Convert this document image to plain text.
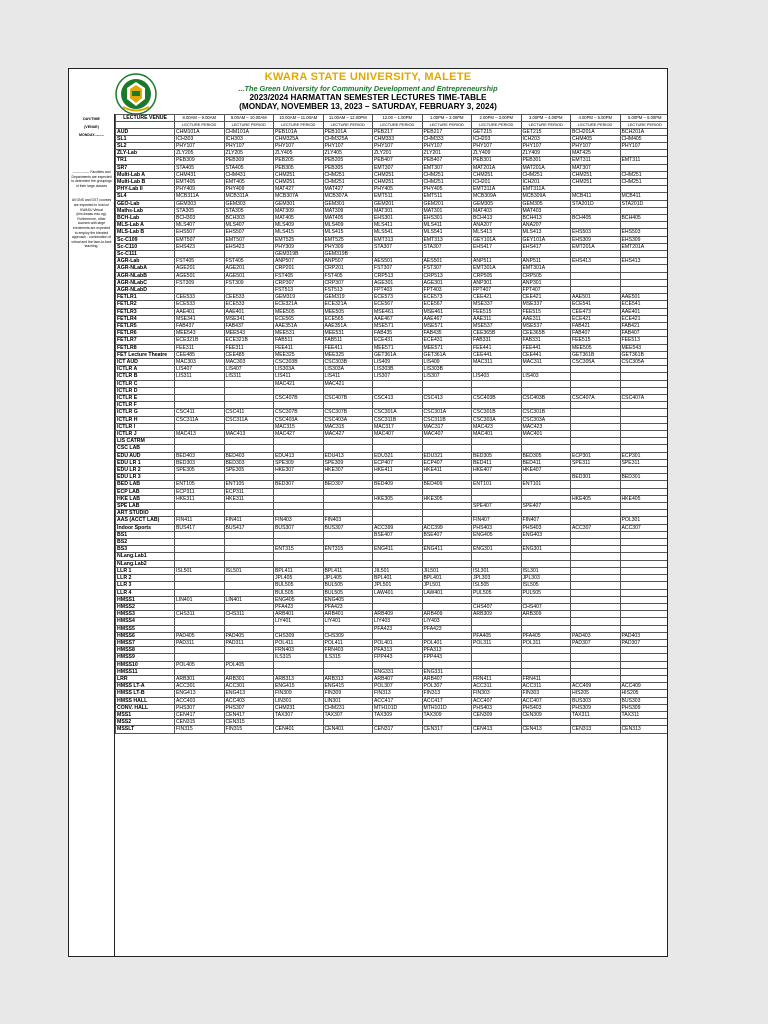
KWARA STATE UNIVERSITY, MALETE
...The Green University for Community Development and Entrepreneurship
2023/2024 HARMATTAN SEMESTER LECTURES TIME-TABLE
(MONDAY, NOVEMBER 13, 2023 – SATURDAY, FEBRUARY 3, 2024)
DAY/TIME
(VENUE)
MONDAY--------
--------------- Faculties and Departments are expected to determine the groupings of their large classes
All GNS and GST courses are expected to hold on KWASU Virtual (lms.kwasu.edu.ng). Furthermore, other courses with large enrolments are expected to employ the blended approach - combination of virtual and the face-to-face teaching.
LECTURE VENUE	8.00AM – 9.00AM	9.00AM – 10.00AM	10.00AM – 11.00AM	11.00AM – 12.00PM	12.00 – 1.00PM	1.00PM – 2.00PM	2.00PM – 3.00PM	3.00PM – 4.00PM	4.00PM – 5.00PM	5.00PM – 6.00PM
	LECTURE PERIOD	LECTURE PERIOD	LECTURE PERIOD	LECTURE PERIOD	LECTURE PERIOD	LECTURE PERIOD	LECTURE PERIOD	LECTURE PERIOD	LECTURE PERIOD	LECTURE PERIOD
AUD	CHM101A	CHM101A	PEB101A	PEB101A	PEB217	PEB217	GET215	GET215	BCH201A	BCH201A
SL1	ICH303	ICH303	CHM325A	CHM325A	CHM333	CHM333	ICH203	ICH203	CHM405	CHM405
SL2	PHY107	PHY107	PHY107	PHY107	PHY107	PHY107	PHY107	PHY107	PHY107	PHY107
ZLY-Lab	ZLY205	ZLY205	ZLY405	ZLY405	ZLY201	ZLY201	ZLY409	ZLY409	MAT425	
TR1	PEB309	PEB309	PEB205	PEB205	PEB407	PEB407	PEB301	PEB301	EMT311	EMT311
SR7	STA405	STA405	PEB305	PEB305	EMT307	EMT307	MAT201A	MAT201A	MAT307	
Multi-Lab A	CHM431	CHM431	CHM251	CHM251	CHM251	CHM251	CHM251	CHM251	CHM251	CHM251
Multi-Lab B	EMT405	EMT405	CHM251	CHM251	CHM251	CHM251	ICH201	ICH201	CHM251	CHM251
PHY-Lab II	PHY409	PHY409	MAT427	MAT427	PHY405	PHY405	EMT311A	EMT311A		
SL4	MCB311A	MCB311A	MCB307A	MCB307A	EMT511	EMT511	MCB309A	MCB309A	MCB411	MCB411
GEO-Lab	GEM303	GEM303	GEM301	GEM301	GEM201	GEM201	GEM305	GEM305	STA201D	STA201D
Maths-Lab	STA305	STA305	MAT309	MAT309	MAT301	MAT301	MAT403	MAT403		
BCH-Lab	BCH303	BCH303	MAT405	MAT405	EHS301	EHS301	BCH413	BCH413	BCH405	BCH405
MLS-Lab A	MLS407	MLS407	MLS409	MLS409	MLS411	MLS411	ANA207	ANA207		
MLS-Lab B	EHS507	EHS507	MLS415	MLS415	MLS541	MLS541	MLS413	MLS413	EHS503	EHS503
Sc-C109	EMT507	EMT507	EMT525	EMT525	EMT313	EMT313	GEY101A	GEY101A	EHS309	EHS309
Sc-C110	EHS423	EHS423	PHY309	PHY309	STA307	STA307	EHS417	EHS417	EMT201A	EMT201A
Sc-C111			GEM319B	GEM319B						
AGR-Lab	FST405	FST405	ANP507	ANP507	AES501	AES501	ANP511	ANP511	EHS413	EHS413
AGR-NLabA	AGE201	AGE201	CRP201	CRP201	FST307	FST307	EMT301A	EMT301A		
AGR-NLabB	AGE501	AGE501	FST405	FST405	CRP513	CRP513	CRP505	CRP505		
AGR-NLabC	FST309	FST309	CRP307	CRP307	AGE301	AGE301	ANP301	ANP301		
AGR-NLabD			FST513	FST513	FPT403	FPT403	FPT407	FPT407		
FETLR1	CEE533	CEE533	GEM319	GEM319	ECE573	ECE573	CEE421	CEE421	AAE501	AAE501
FETLR2	ECE533	ECE533	ECE321A	ECE321A	ECE567	ECE567	MSE337	MSE337	ECE541	ECE541
FETLR3	AAE401	AAE401	MEE505	MEE505	MSE461	MSE461	FEE515	FEE515	CEE473	AAE401
FETLR4	MSE341	MSE341	ECE565	ECE565	AAE467	AAE467	AAE311	AAE311	ECE421	ECE421
FETLR5	FAB437	FAB437	AAE351A	AAE351A	MSE571	MSE571	MSE537	MSE537	FAB421	FAB421
FETLR6	MEE543	MEE543	MEE531	MEE531	FAB435	FAB435	CEE365B	CEE365B	FAB407	FAB407
FETLR7	ECE321B	ECE321B	FAB511	FAB511	ECE431	ECE431	FAB331	FAB331	FEE515	FEE513
FETLR8	FEE311	FEE311	FEE411	FEE411	MEE571	MEE571	FEE441	FEE441	MEE505	MEE543
FET Lecture Theatre	CEE485	CEE485	MEE325	MEE325	GET361A	GET361A	CEE441	CEE441	GET361B	GET361B
ICT AUD	MAC303	MAC303	CSC303B	CSC303B	LIS409	LIS409	MAC311	MAC311	CSC305A	CSC305A
ICTLR A	LIS407	LIS407	LIS303A	LIS303A	LIS303B	LIS303B				
ICTLR B	LIS311	LIS311	LIS411	LIS411	LIS307	LIS307	LIS403	LIS403		
ICTLR C			MAC421	MAC421						
ICTLR D										
ICTLR E			CSC407B	CSC407B	CSC413	CSC413	CSC403B	CSC403B	CSC407A	CSC407A
ICTLR F										
ICTLR G	CSC411	CSC411	CSC307B	CSC307B	CSC301A	CSC301A	CSC301B	CSC301B		
ICTLR H	CSC311A	CSC311A	CSC403A	CSC403A	CSC311B	CSC311B	CSC303A	CSC303A		
ICTLR I			MAC315	MAC315	MAC317	MAC317	MAC423	MAC423		
ICTLR J	MAC413	MAC413	MAC427	MAC427	MAC407	MAC407	MAC401	MAC401		
LIS CATRM										
CSC LAB										
EDU AUD	BED403	BED403	EDU413	EDU413	EDU321	EDU321	BED305	BED305	ECP301	ECP301
EDU LR 1	BED303	BED303	SPE309	SPE309	ECP407	ECP407	BED411	BED411	SPE311	SPE311
EDU LR 2	SPE305	SPE305	HKE307	HKE307	HKE411	HKE411	HKE407	HKE407		
EDU LR 3									BED301	BED301
BED LAB	ENT105	ENT105	BED307	BED307	BED409	BED409	ENT101	ENT101		
ECP LAB	ECP311	ECP311								
HKE LAB	HKE311	HKE311			HKE305	HKE305			HKE405	HKE405
SPE LAB							SPE407	SPE407		
ART STUDIO										
AAS (ACCT LAB)	FIN411	FIN411	FIN403	FIN403			FIN407	FIN407		POL301
Indoor Sports	BUS417	BUS417	BUS307	BUS307	ACC399	ACC399	PHS403	PHS403	ACC307	ACC307
BS1					BSE407	BSE407	ENG405	ENG403		
BS2										
BS3			ENT315	ENT315	ENG411	ENG411	ENG301	ENG301		
NLang.Lab1										
NLang.Lab2										
LLR 1	ISL501	ISL501	BPL411	BPL411	JIL501	JIL501	ISL301	ISL301		
LLR 2			JPL405	JPL405	BPL401	BPL401	JPL303	JPL303		
LLR 3			BUL505	BUL505	JPL501	JPL501	ISL505	ISL505		
LLR 4			BUL505	BUL505	LAW401	LAW401	PUL505	PUL505		
HMSS1	LIN401	LIN401	ENG405	ENG405						
HMSS2			PFA423	PFA423			CHS407	CHS407		
HMSS3	CHS311	CHS311	ARB401	ARB401	ARB409	ARB409	ARB309	ARB309		
HMSS4			LIY401	LIY401	LIY403	LIY403				
HMSS5					PFA423	PFA423				
HMSS6	PAD405	PAD405	CHS309	CHS309			PFA405	PFA405	PAD403	PAD403
HMSS7	PAD311	PAD311	POL411	POL411	POL401	POL401	POL311	POL311	PAD307	PAD307
HMSS8			FRN403	FRN403	PFA313	PFA313				
HMSS9			ILS315	ILS315	FPP443	FPP443				
HMSS10	POL405	POL405								
HMSS11					ENG331	ENG331				
LRR	ARB301	ARB301	ARB313	ARB313	ARB407	ARB407	FRN411	FRN411		
HMSS LT-A	ACC301	ACC301	ENG415	ENG415	POL307	POL307	ACC311	ACC311	ACC409	ACC409
HMSS LT-B	ENG413	ENG413	FIN309	FIN309	FIN313	FIN313	FIN303	FIN303	HIS205	HIS205
HMSS HALL	ACC403	ACC403	LIN301	LIN301	ACC417	ACC417	ACC407	ACC407	BUS303	BUS303
CONV. HALL	PHS307	PHS307	CHM231	CHM231	MTH101D	MTH101D	PHS403	PHS403	PHS309	PHS309
MSS1	CEN417	CEN417	TAX307	TAX307	TAX309	TAX309	CEN309	CEN309	TAX311	TAX311
MSS2	CEN315	CEN315								
MSSLT	FIN315	FIN315	CEN401	CEN401	CEN317	CEN317	CEN413	CEN413	CEN313	CEN313
